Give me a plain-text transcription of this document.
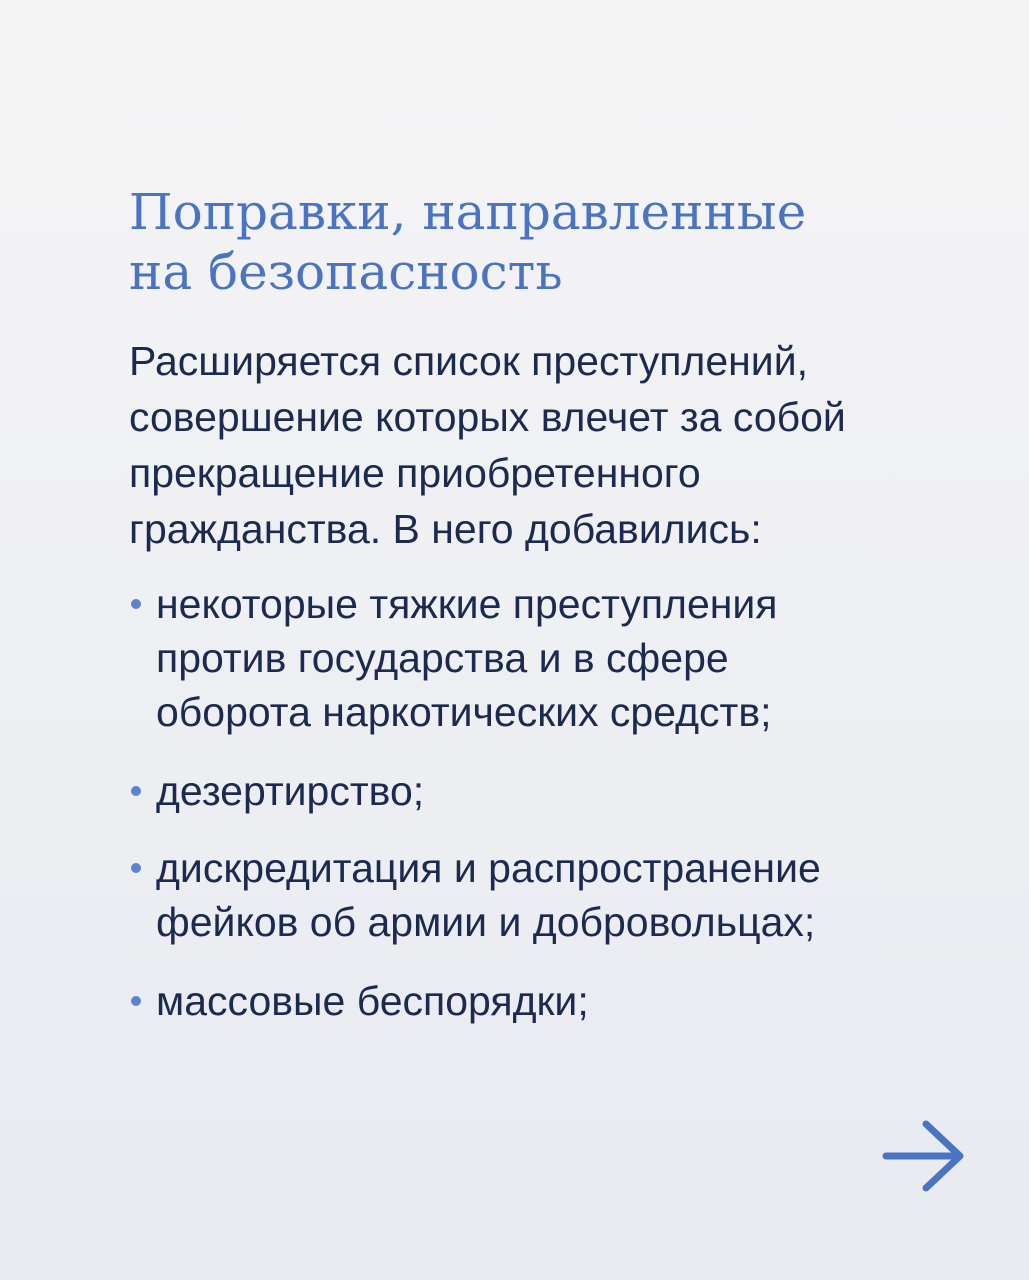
Поправки, направленные
на безопасность

Расширяется список преступлений,
совершение которых влечет за собой
прекращение приобретенного
гражданства. В него добавились:

некоторые тяжкие преступления
против государства и в сфере
оборота наркотических средств;
дезертирство;
дискредитация и распространение
фейков об армии и добровольцах;
массовые беспорядки;
